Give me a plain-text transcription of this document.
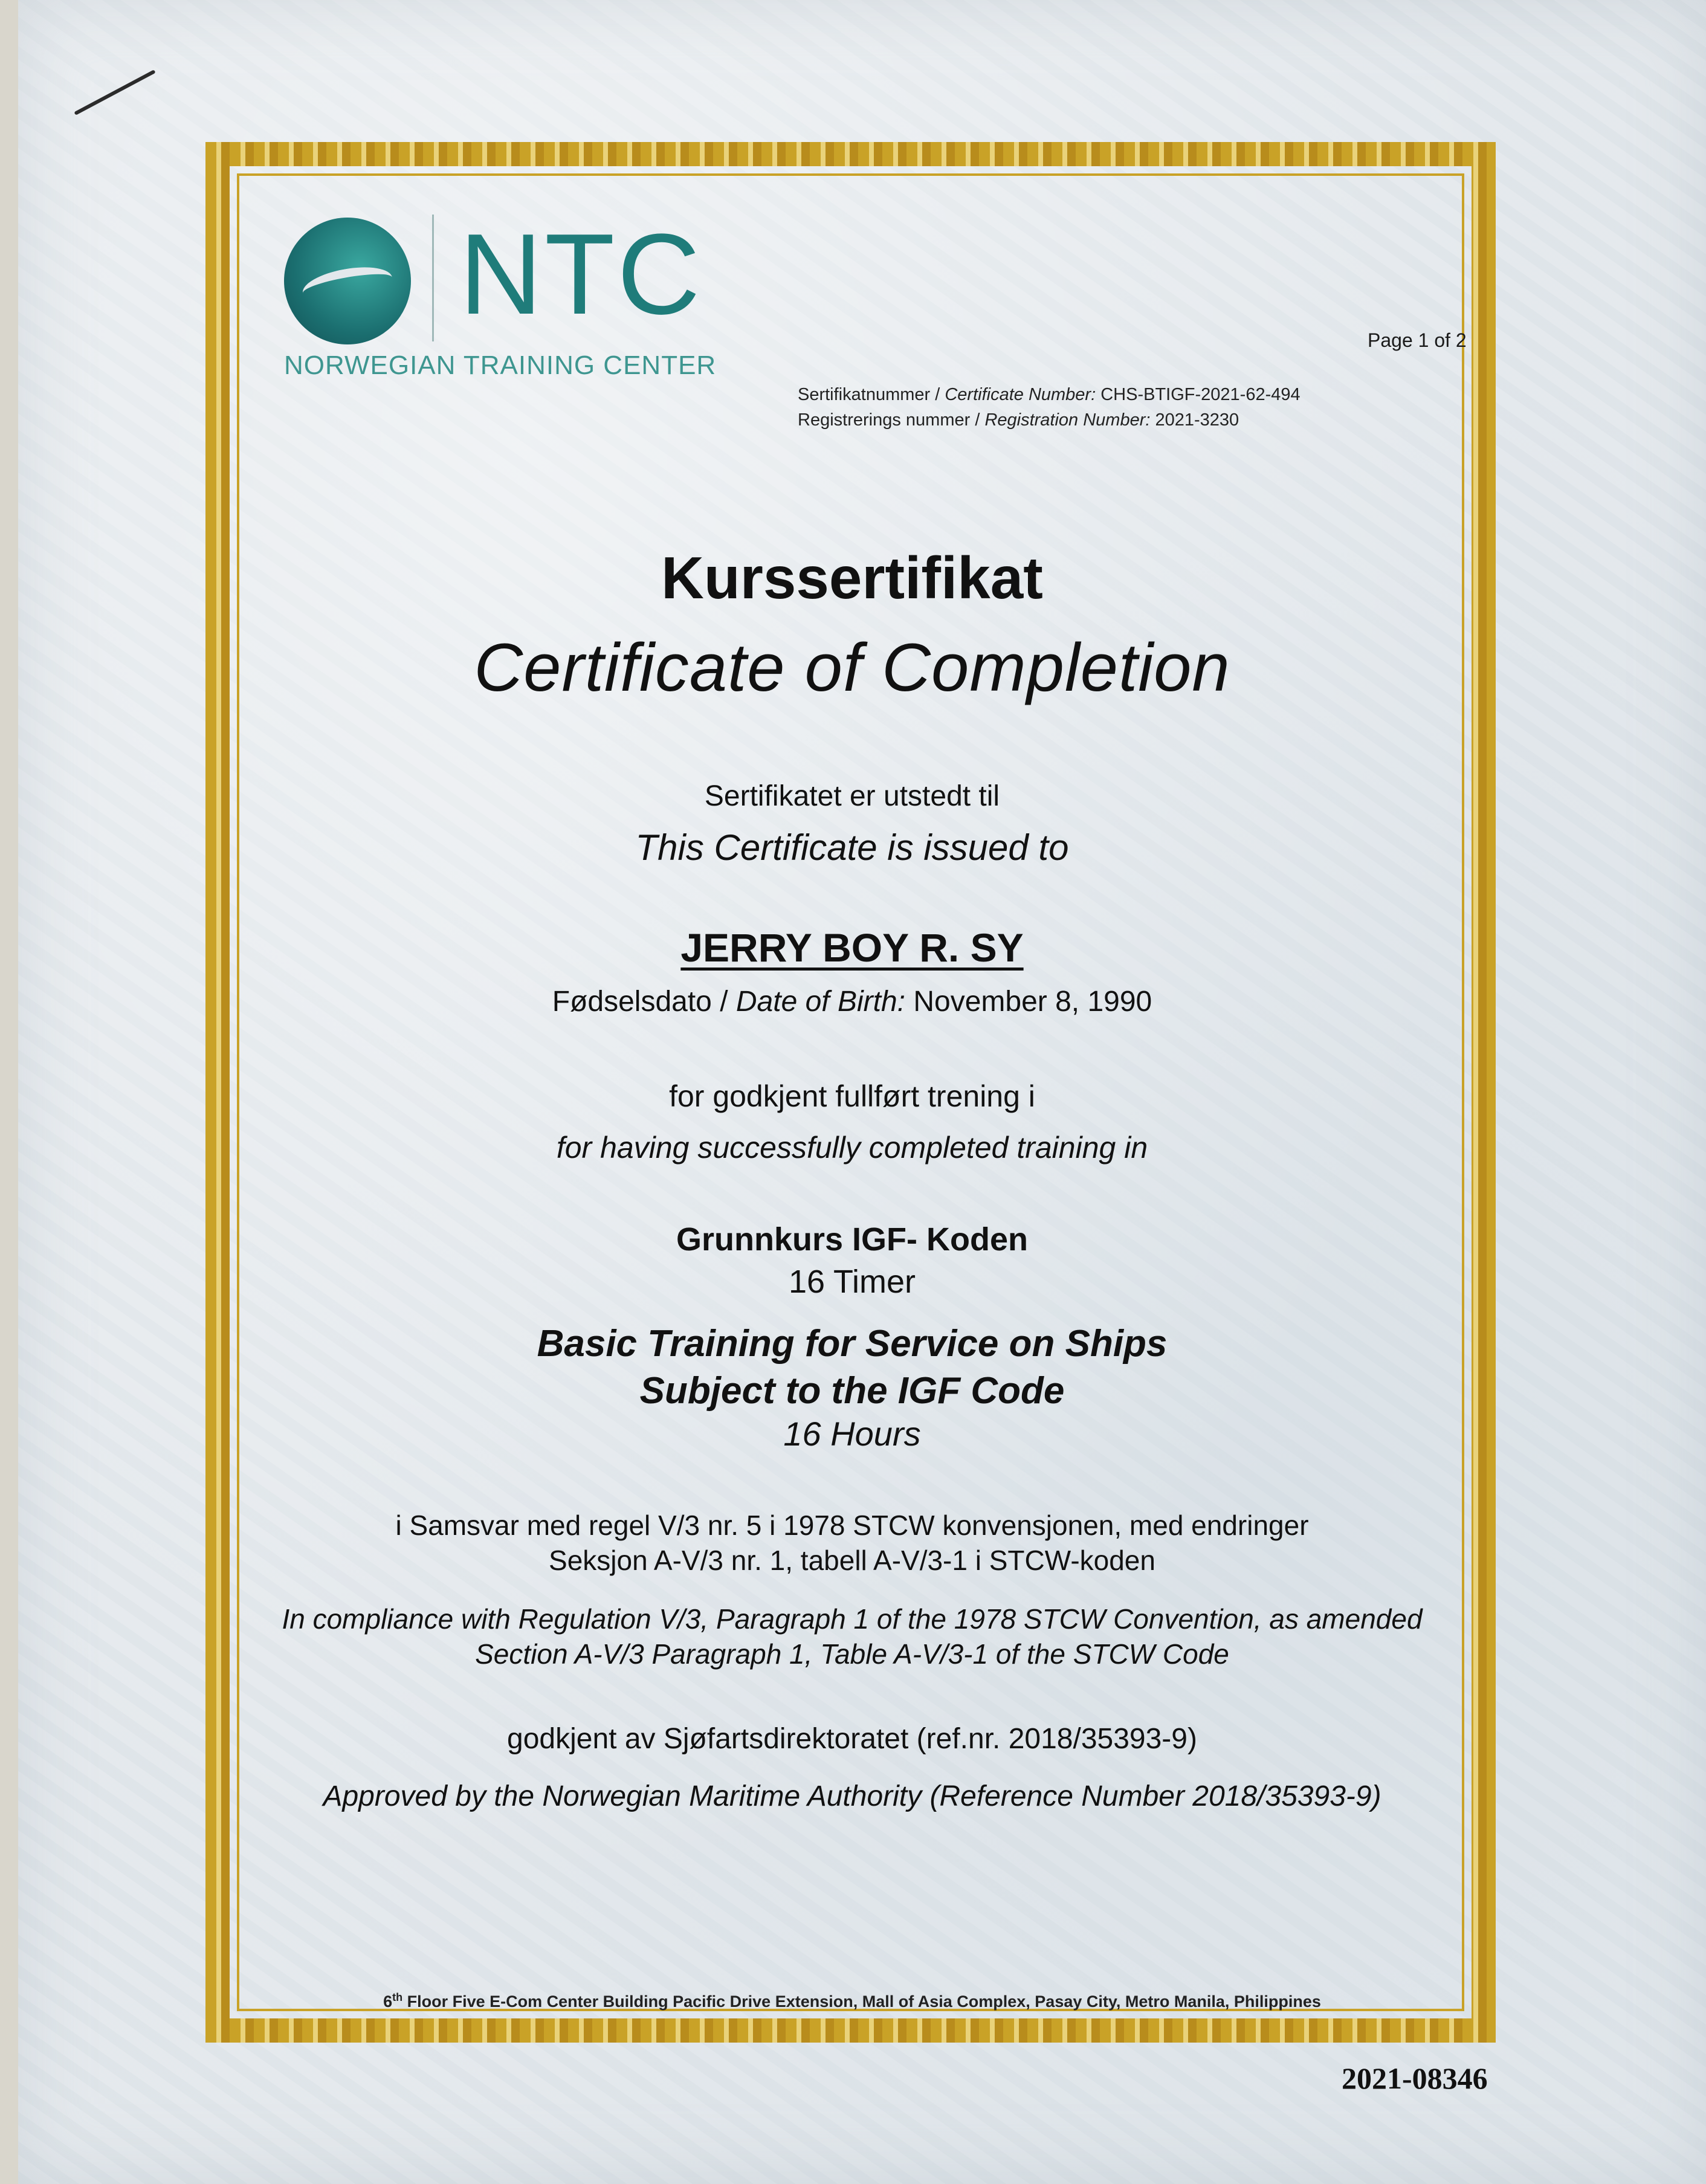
NTC
NORWEGIAN TRAINING CENTER
Page 1 of 2
Sertifikatnummer / Certificate Number: CHS-BTIGF-2021-62-494
Registrerings nummer / Registration Number: 2021-3230
Kurssertifikat
Certificate of Completion
Sertifikatet er utstedt til
This Certificate is issued to
JERRY BOY R. SY
Fødselsdato / Date of Birth: November 8, 1990
for godkjent fullført trening i
for having successfully completed training in
Grunnkurs IGF- Koden
16 Timer
Basic Training for Service on Ships
Subject to the IGF Code
16 Hours
i Samsvar med regel V/3 nr. 5 i 1978 STCW konvensjonen, med endringer
Seksjon A-V/3 nr. 1, tabell A-V/3-1 i STCW-koden
In compliance with Regulation V/3, Paragraph 1 of the 1978 STCW Convention, as amended
Section A-V/3 Paragraph 1, Table A-V/3-1 of the STCW Code
godkjent av Sjøfartsdirektoratet (ref.nr. 2018/35393-9)
Approved by the Norwegian Maritime Authority (Reference Number 2018/35393-9)
6th Floor Five E-Com Center Building Pacific Drive Extension, Mall of Asia Complex, Pasay City, Metro Manila, Philippines
2021-08346
